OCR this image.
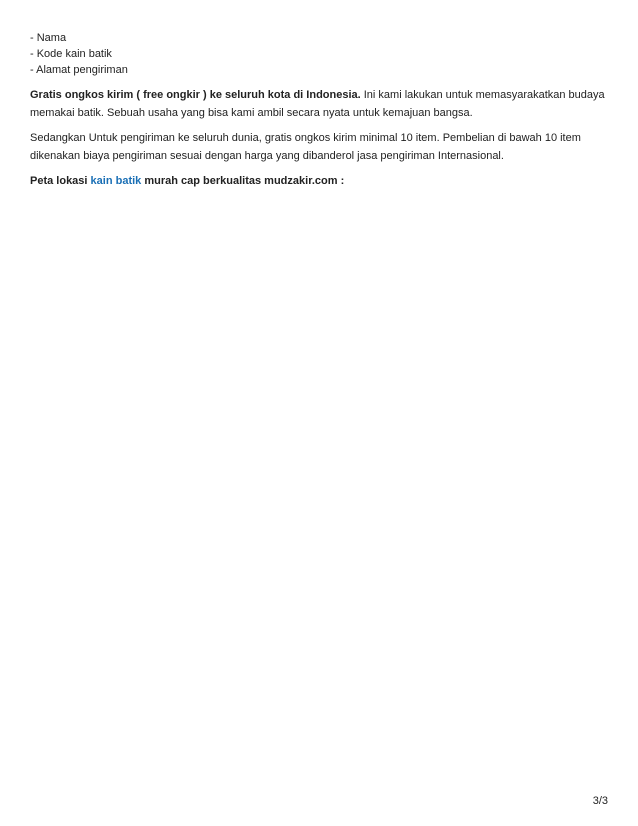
- Nama
- Kode kain batik
- Alamat pengiriman

Gratis ongkos kirim ( free ongkir ) ke seluruh kota di Indonesia. Ini kami lakukan untuk memasyarakatkan budaya memakai batik. Sebuah usaha yang bisa kami ambil secara nyata untuk kemajuan bangsa.

Sedangkan Untuk pengiriman ke seluruh dunia, gratis ongkos kirim minimal 10 item. Pembelian di bawah 10 item dikenakan biaya pengiriman sesuai dengan harga yang dibanderol jasa pengiriman Internasional.

Peta lokasi kain batik murah cap berkualitas mudzakir.com :

3/3
